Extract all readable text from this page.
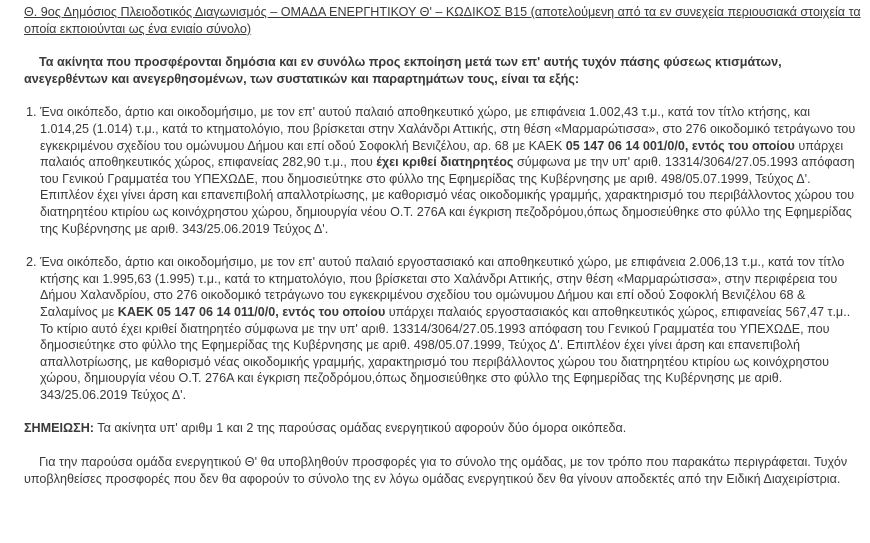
Θ. 9ος Δημόσιος Πλειοδοτικός Διαγωνισμός – ΟΜΑΔΑ ΕΝΕΡΓΗΤΙΚΟΥ Θ' – ΚΩΔΙΚΟΣ Β15 (αποτελούμενη από τα εν συνεχεία περιουσιακά στοιχεία τα οποία εκποιούνται ως ένα ενιαίο σύνολο)

Τα ακίνητα που προσφέρονται δημόσια και εν συνόλω προς εκποίηση μετά των επ' αυτής τυχόν πάσης φύσεως κτισμάτων, ανεγερθέντων και ανεγερθησομένων, των συστατικών και παραρτημάτων τους, είναι τα εξής:

1. Ένα οικόπεδο, άρτιο και οικοδομήσιμο, με τον επ' αυτού παλαιό αποθηκευτικό χώρο, με επιφάνεια 1.002,43 τ.μ., κατά τον τίτλο κτήσης, και 1.014,25 (1.014) τ.μ., κατά το κτηματολόγιο, που βρίσκεται στην Χαλάνδρι Αττικής, στη θέση «Μαρμαρώτισσα», στο 276 οικοδομικό τετράγωνο του εγκεκριμένου σχεδίου του ομώνυμου Δήμου και επί οδού Σοφοκλή Βενιζέλου, αρ. 68 με ΚΑΕΚ 05 147 06 14 001/0/0, εντός του οποίου υπάρχει παλαιός αποθηκευτικός χώρος, επιφανείας 282,90 τ.μ., που έχει κριθεί διατηρητέος σύμφωνα με την υπ' αριθ. 13314/3064/27.05.1993 απόφαση του Γενικού Γραμματέα του ΥΠΕΧΩΔΕ, που δημοσιεύτηκε στο φύλλο της Εφημερίδας της Κυβέρνησης με αριθ. 498/05.07.1999, Τεύχος Δ'. Επιπλέον έχει γίνει άρση και επανεπιβολή απαλλοτρίωσης, με καθορισμό νέας οικοδομικής γραμμής, χαρακτηρισμό του περιβάλλοντος χώρου του διατηρητέου κτιρίου ως κοινόχρηστου χώρου, δημιουργία νέου Ο.Τ. 276Α και έγκριση πεζοδρόμου,όπως δημοσιεύθηκε στο φύλλο της Εφημερίδας της Κυβέρνησης με αριθ. 343/25.06.2019 Τεύχος Δ'.
2. Ένα οικόπεδο, άρτιο και οικοδομήσιμο, με τον επ' αυτού παλαιό εργοστασιακό και αποθηκευτικό χώρο, με επιφάνεια 2.006,13 τ.μ., κατά τον τίτλο κτήσης και 1.995,63 (1.995) τ.μ., κατά το κτηματολόγιο, που βρίσκεται στο Χαλάνδρι Αττικής, στην θέση «Μαρμαρώτισσα», στην περιφέρεια του Δήμου Χαλανδρίου, στο 276 οικοδομικό τετράγωνο του εγκεκριμένου σχεδίου του ομώνυμου Δήμου και επί οδού Σοφοκλή Βενιζέλου 68 & Σαλαμίνος με ΚΑΕΚ 05 147 06 14 011/0/0, εντός του οποίου υπάρχει παλαιός εργοστασιακός και αποθηκευτικός χώρος, επιφανείας 567,47 τ.μ.. Το κτίριο αυτό έχει κριθεί διατηρητέο σύμφωνα με την υπ' αριθ. 13314/3064/27.05.1993 απόφαση του Γενικού Γραμματέα του ΥΠΕΧΩΔΕ, που δημοσιεύτηκε στο φύλλο της Εφημερίδας της Κυβέρνησης με αριθ. 498/05.07.1999, Τεύχος Δ'. Επιπλέον έχει γίνει άρση και επανεπιβολή απαλλοτρίωσης, με καθορισμό νέας οικοδομικής γραμμής, χαρακτηρισμό του περιβάλλοντος χώρου του διατηρητέου κτιρίου ως κοινόχρηστου χώρου, δημιουργία νέου Ο.Τ. 276Α και έγκριση πεζοδρόμου,όπως δημοσιεύθηκε στο φύλλο της Εφημερίδας της Κυβέρνησης με αριθ. 343/25.06.2019 Τεύχος Δ'.

ΣΗΜΕΙΩΣΗ: Τα ακίνητα υπ' αριθμ 1 και 2 της παρούσας ομάδας ενεργητικού αφορούν δύο όμορα οικόπεδα.

Για την παρούσα ομάδα ενεργητικού Θ' θα υποβληθούν προσφορές για το σύνολο της ομάδας, με τον τρόπο που παρακάτω περιγράφεται. Τυχόν υποβληθείσες προσφορές που δεν θα αφορούν το σύνολο της εν λόγω ομάδας ενεργητικού δεν θα γίνουν αποδεκτές από την Ειδική Διαχειρίστρια.
